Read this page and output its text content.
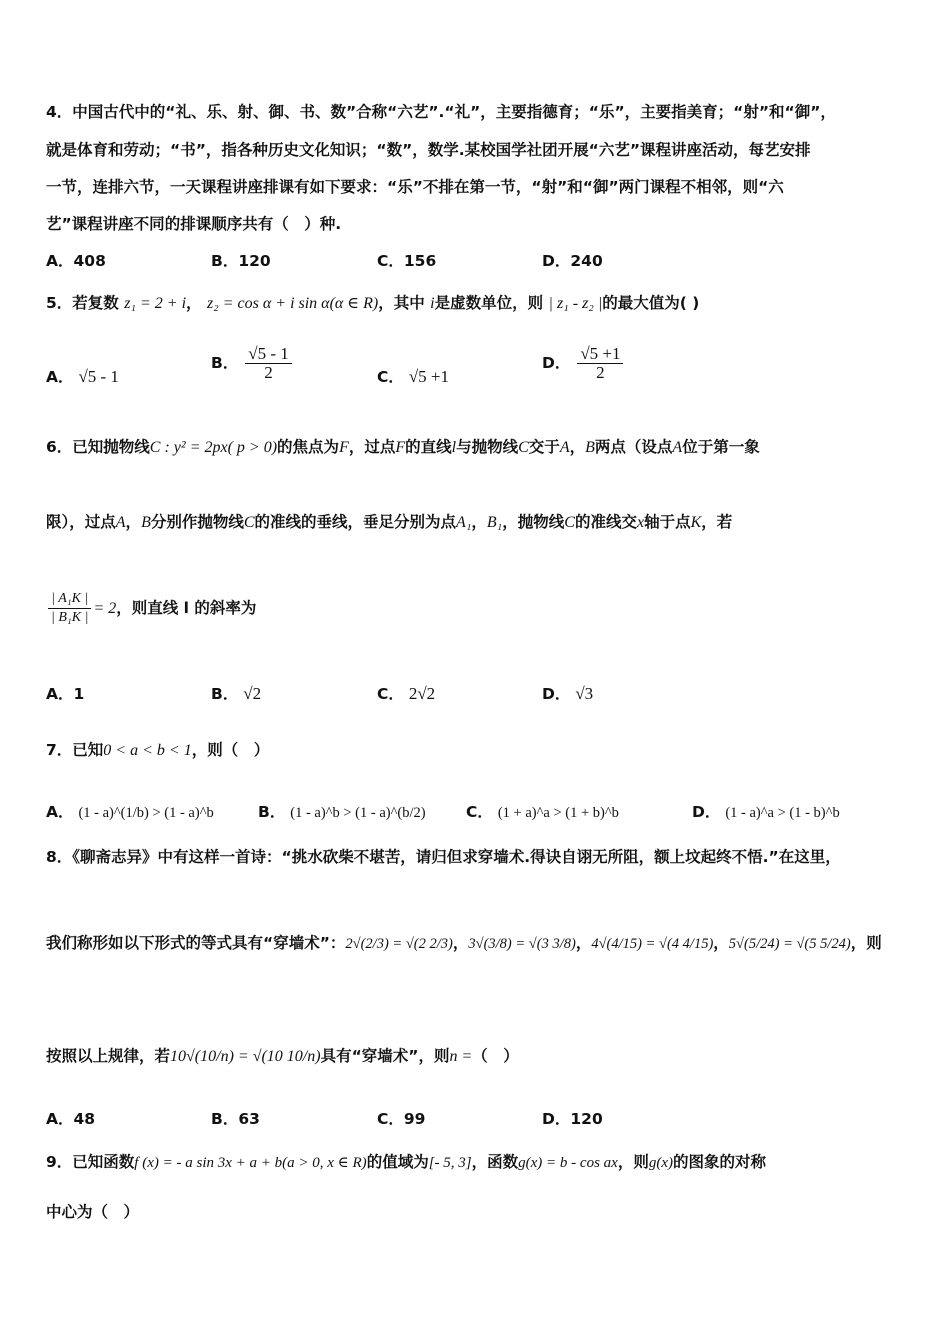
4．中国古代中的“礼、乐、射、御、书、数”合称“六艺”.“礼”，主要指德育；“乐”，主要指美育；“射”和“御”，
就是体育和劳动；“书”，指各种历史文化知识；“数”，数学.某校国学社团开展“六艺”课程讲座活动，每艺安排
一节，连排六节，一天课程讲座排课有如下要求：“乐”不排在第一节，“射”和“御”两门课程不相邻，则“六
艺”课程讲座不同的排课顺序共有（　）种.
A．408	B．120	C．156	D．240
5．若复数 z₁ = 2 + i， z₂ = cos α + i sin α(α ∈ R)，其中 i是虚数单位，则 | z₁ - z₂ |的最大值为( )
A． √5 - 1
B． $\frac{√5 - 1}{2}$	C． √5 +1
D． $\frac{√5 +1}{2}$
6．已知抛物线C : y² = 2px( p > 0)的焦点为F，过点F的直线l与抛物线C交于A，B两点（设点A位于第一象
限），过点A，B分别作抛物线C的准线的垂线，垂足分别为点A₁，B₁，抛物线C的准线交x轴于点K，若
$\frac{\text{| A₁K |}}{\text{| B₁K |}} = 2$，则直线 l 的斜率为
A．1	B． √2	C． 2√2	D． √3
7．已知0 < a < b < 1，则（　）
A． (1 - a)^(1/b) > (1 - a)^b	B． (1 - a)^b > (1 - a)^(b/2)	C． (1 + a)^a > (1 + b)^b	D． (1 - a)^a > (1 - b)^b
8．《聊斋志异》中有这样一首诗：“挑水砍柴不堪苦，请归但求穿墙术.得诀自诩无所阻，额上坟起终不悟.”在这里，
我们称形如以下形式的等式具有“穿墙术”：2√(2/3) = √(2 2/3)，3√(3/8) = √(3 3/8)，4√(4/15) = √(4 4/15)，5√(5/24) = √(5 5/24)，则
按照以上规律，若10√(10/n) = √(10 10/n)具有“穿墙术”，则n =（　）
A．48	B．63	C．99	D．120
9．已知函数f (x) = - a sin 3x + a + b(a > 0, x ∈ R)的值域为[- 5, 3]，函数g(x) = b - cos ax，则g(x)的图象的对称
中心为（　）
